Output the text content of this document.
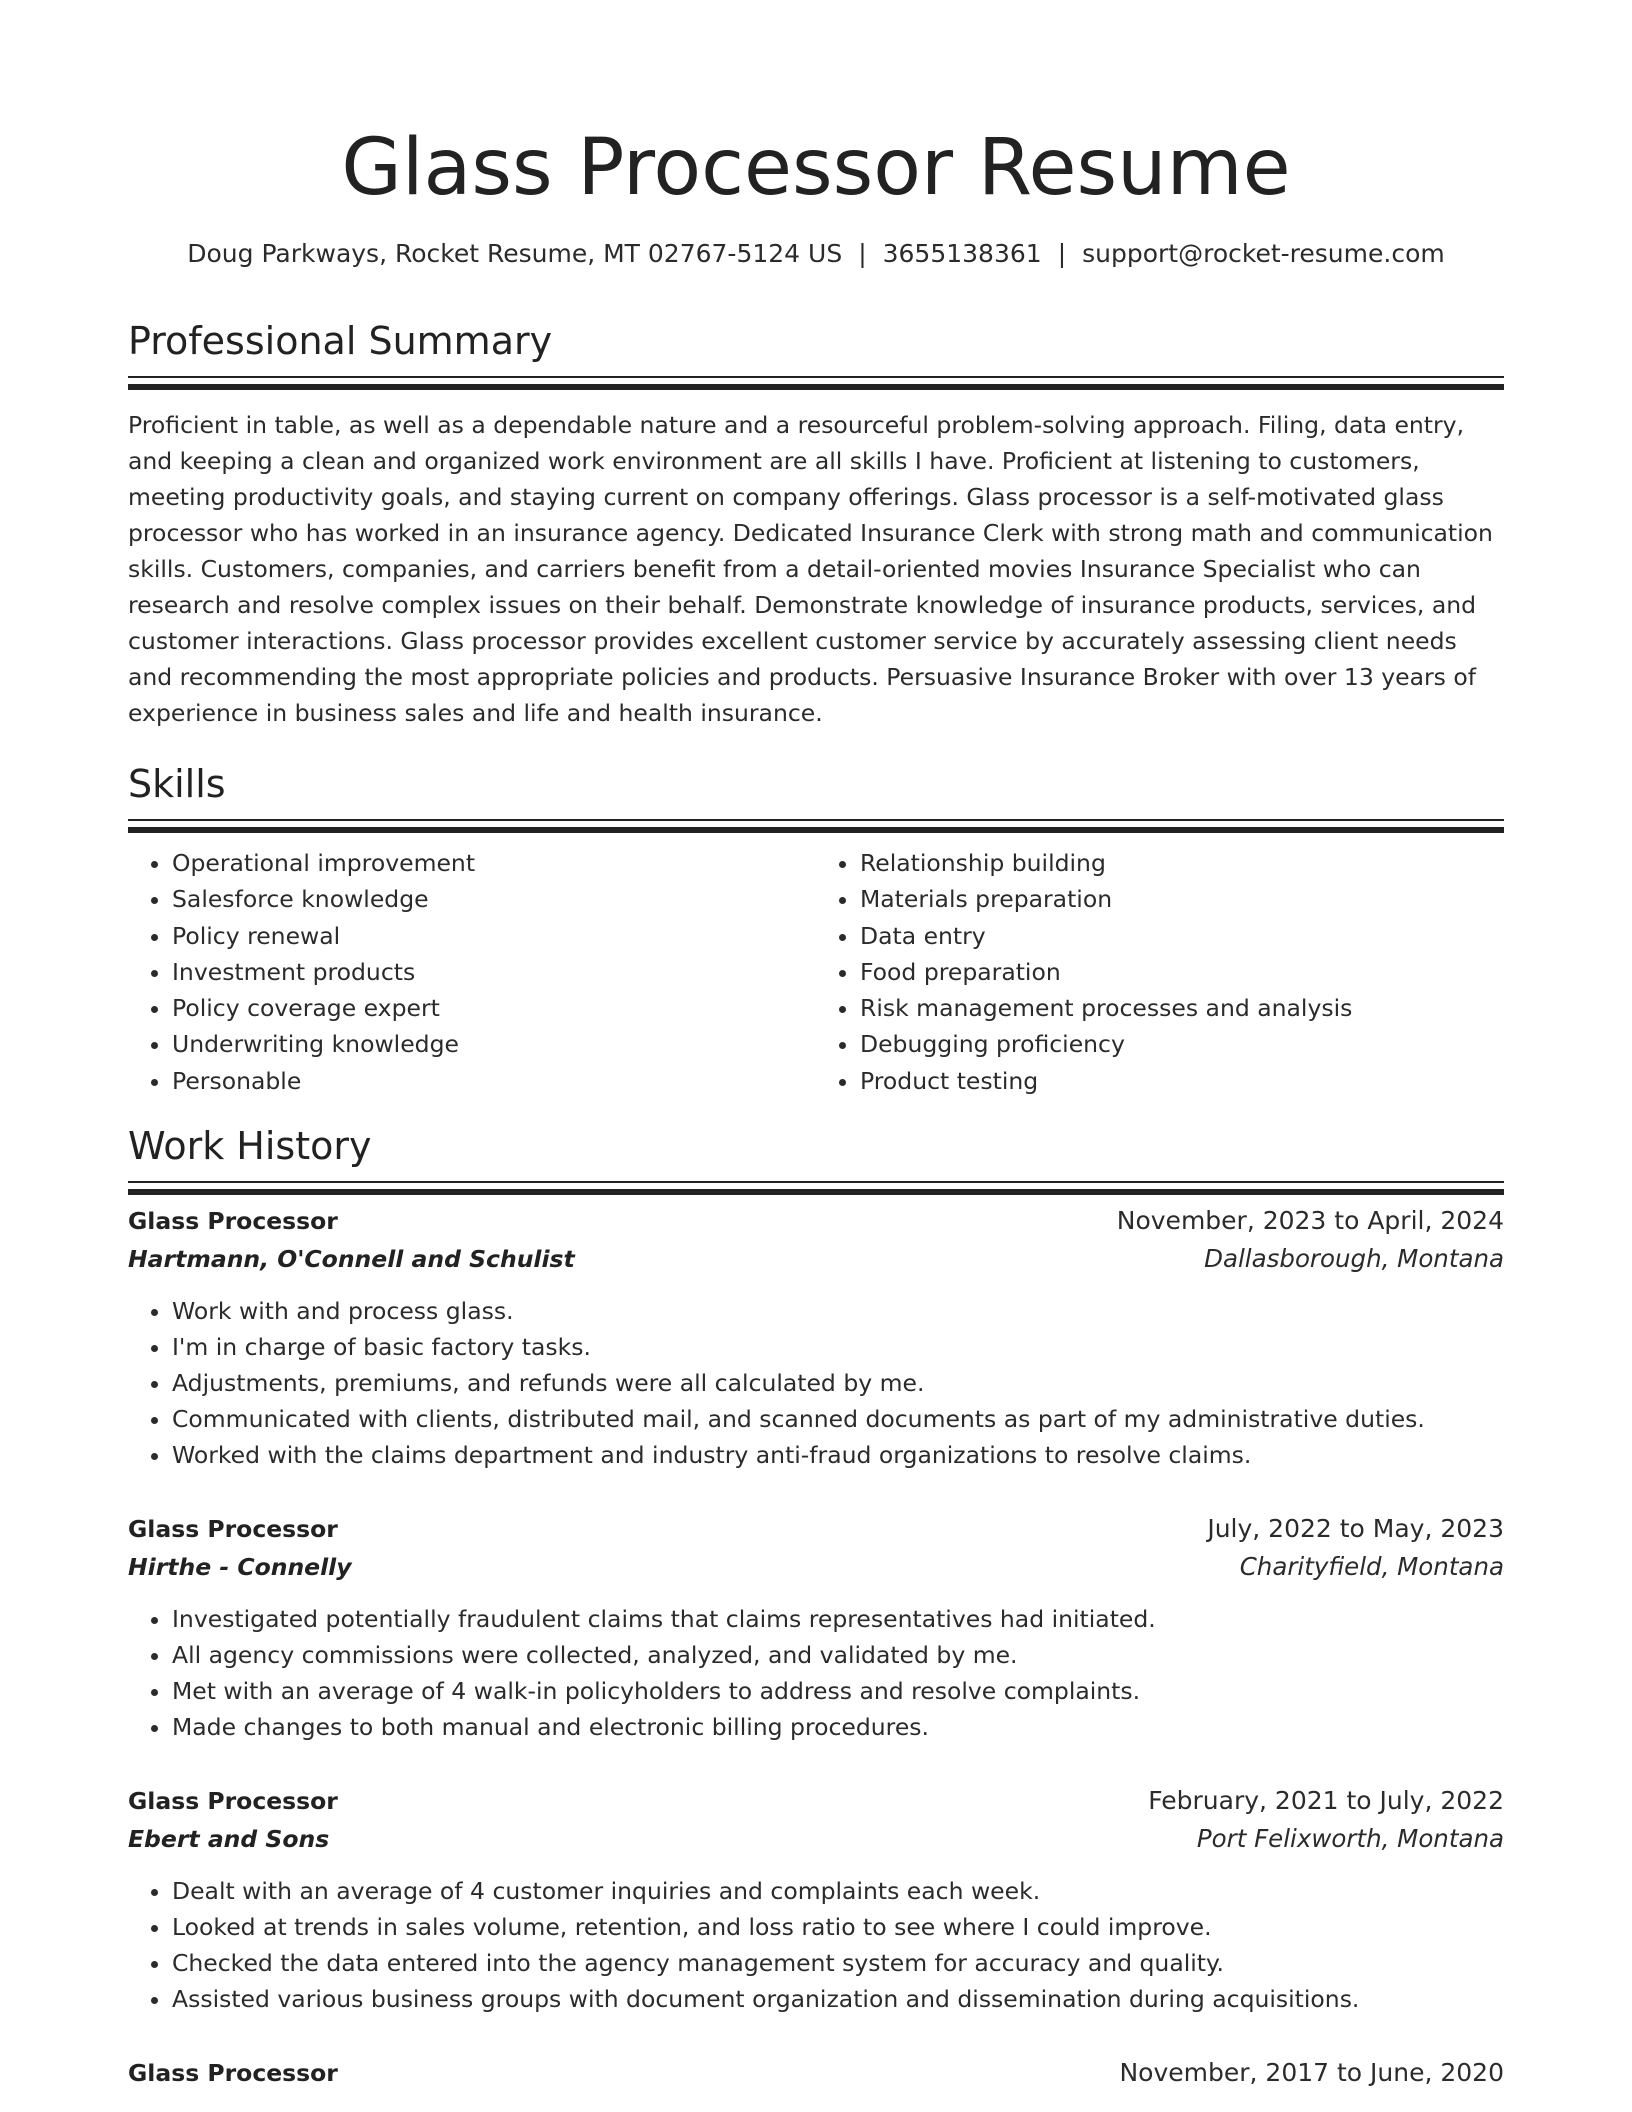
Glass Processor Resume
Doug Parkways, Rocket Resume, MT 02767-5124 US | 3655138361 | support@rocket-resume.com
Professional Summary

Proficient in table, as well as a dependable nature and a resourceful problem-solving approach. Filing, data entry, and keeping a clean and organized work environment are all skills I have. Proficient at listening to customers, meeting productivity goals, and staying current on company offerings. Glass processor is a self-motivated glass processor who has worked in an insurance agency. Dedicated Insurance Clerk with strong math and communication skills. Customers, companies, and carriers benefit from a detail-oriented movies Insurance Specialist who can research and resolve complex issues on their behalf. Demonstrate knowledge of insurance products, services, and customer interactions. Glass processor provides excellent customer service by accurately assessing client needs and recommending the most appropriate policies and products. Persuasive Insurance Broker with over 13 years of experience in business sales and life and health insurance.

Skills
• Operational improvement
• Salesforce knowledge
• Policy renewal
• Investment products
• Policy coverage expert
• Underwriting knowledge
• Personable
• Relationship building
• Materials preparation
• Data entry
• Food preparation
• Risk management processes and analysis
• Debugging proficiency
• Product testing
Work History
Glass Processor	November, 2023 to April, 2024
Hartmann, O'Connell and Schulist	Dallasborough, Montana
• Work with and process glass.
• I'm in charge of basic factory tasks.
• Adjustments, premiums, and refunds were all calculated by me.
• Communicated with clients, distributed mail, and scanned documents as part of my administrative duties.
• Worked with the claims department and industry anti-fraud organizations to resolve claims.
Glass Processor	July, 2022 to May, 2023
Hirthe - Connelly	Charityfield, Montana
• Investigated potentially fraudulent claims that claims representatives had initiated.
• All agency commissions were collected, analyzed, and validated by me.
• Met with an average of 4 walk-in policyholders to address and resolve complaints.
• Made changes to both manual and electronic billing procedures.
Glass Processor	February, 2021 to July, 2022
Ebert and Sons	Port Felixworth, Montana
• Dealt with an average of 4 customer inquiries and complaints each week.
• Looked at trends in sales volume, retention, and loss ratio to see where I could improve.
• Checked the data entered into the agency management system for accuracy and quality.
• Assisted various business groups with document organization and dissemination during acquisitions.
Glass Processor	November, 2017 to June, 2020
